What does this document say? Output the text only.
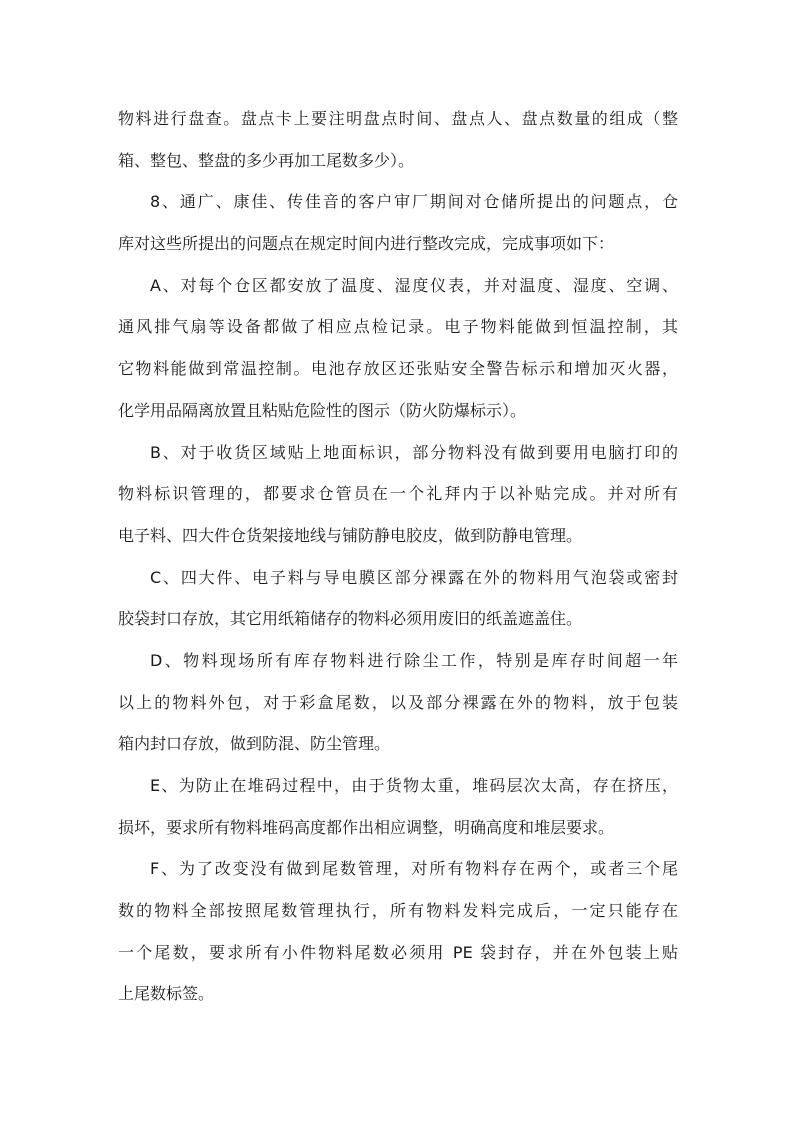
物料进行盘查。盘点卡上要注明盘点时间、盘点人、盘点数量的组成（整
箱、整包、整盘的多少再加工尾数多少）。
8、通广、康佳、传佳音的客户审厂期间对仓储所提出的问题点，仓
库对这些所提出的问题点在规定时间内进行整改完成，完成事项如下：
A、对每个仓区都安放了温度、湿度仪表，并对温度、湿度、空调、
通风排气扇等设备都做了相应点检记录。电子物料能做到恒温控制，其
它物料能做到常温控制。电池存放区还张贴安全警告标示和增加灭火器，
化学用品隔离放置且粘贴危险性的图示（防火防爆标示）。
B、对于收货区域贴上地面标识，部分物料没有做到要用电脑打印的
物料标识管理的，都要求仓管员在一个礼拜内于以补贴完成。并对所有
电子料、四大件仓货架接地线与铺防静电胶皮，做到防静电管理。
C、四大件、电子料与导电膜区部分裸露在外的物料用气泡袋或密封
胶袋封口存放，其它用纸箱储存的物料必须用废旧的纸盖遮盖住。
D、物料现场所有库存物料进行除尘工作，特别是库存时间超一年
以上的物料外包，对于彩盒尾数，以及部分裸露在外的物料，放于包装
箱内封口存放，做到防混、防尘管理。
E、为防止在堆码过程中，由于货物太重，堆码层次太高，存在挤压，
损坏，要求所有物料堆码高度都作出相应调整，明确高度和堆层要求。
F、为了改变没有做到尾数管理，对所有物料存在两个，或者三个尾
数的物料全部按照尾数管理执行，所有物料发料完成后，一定只能存在
一个尾数，要求所有小件物料尾数必须用 PE 袋封存，并在外包装上贴
上尾数标签。
